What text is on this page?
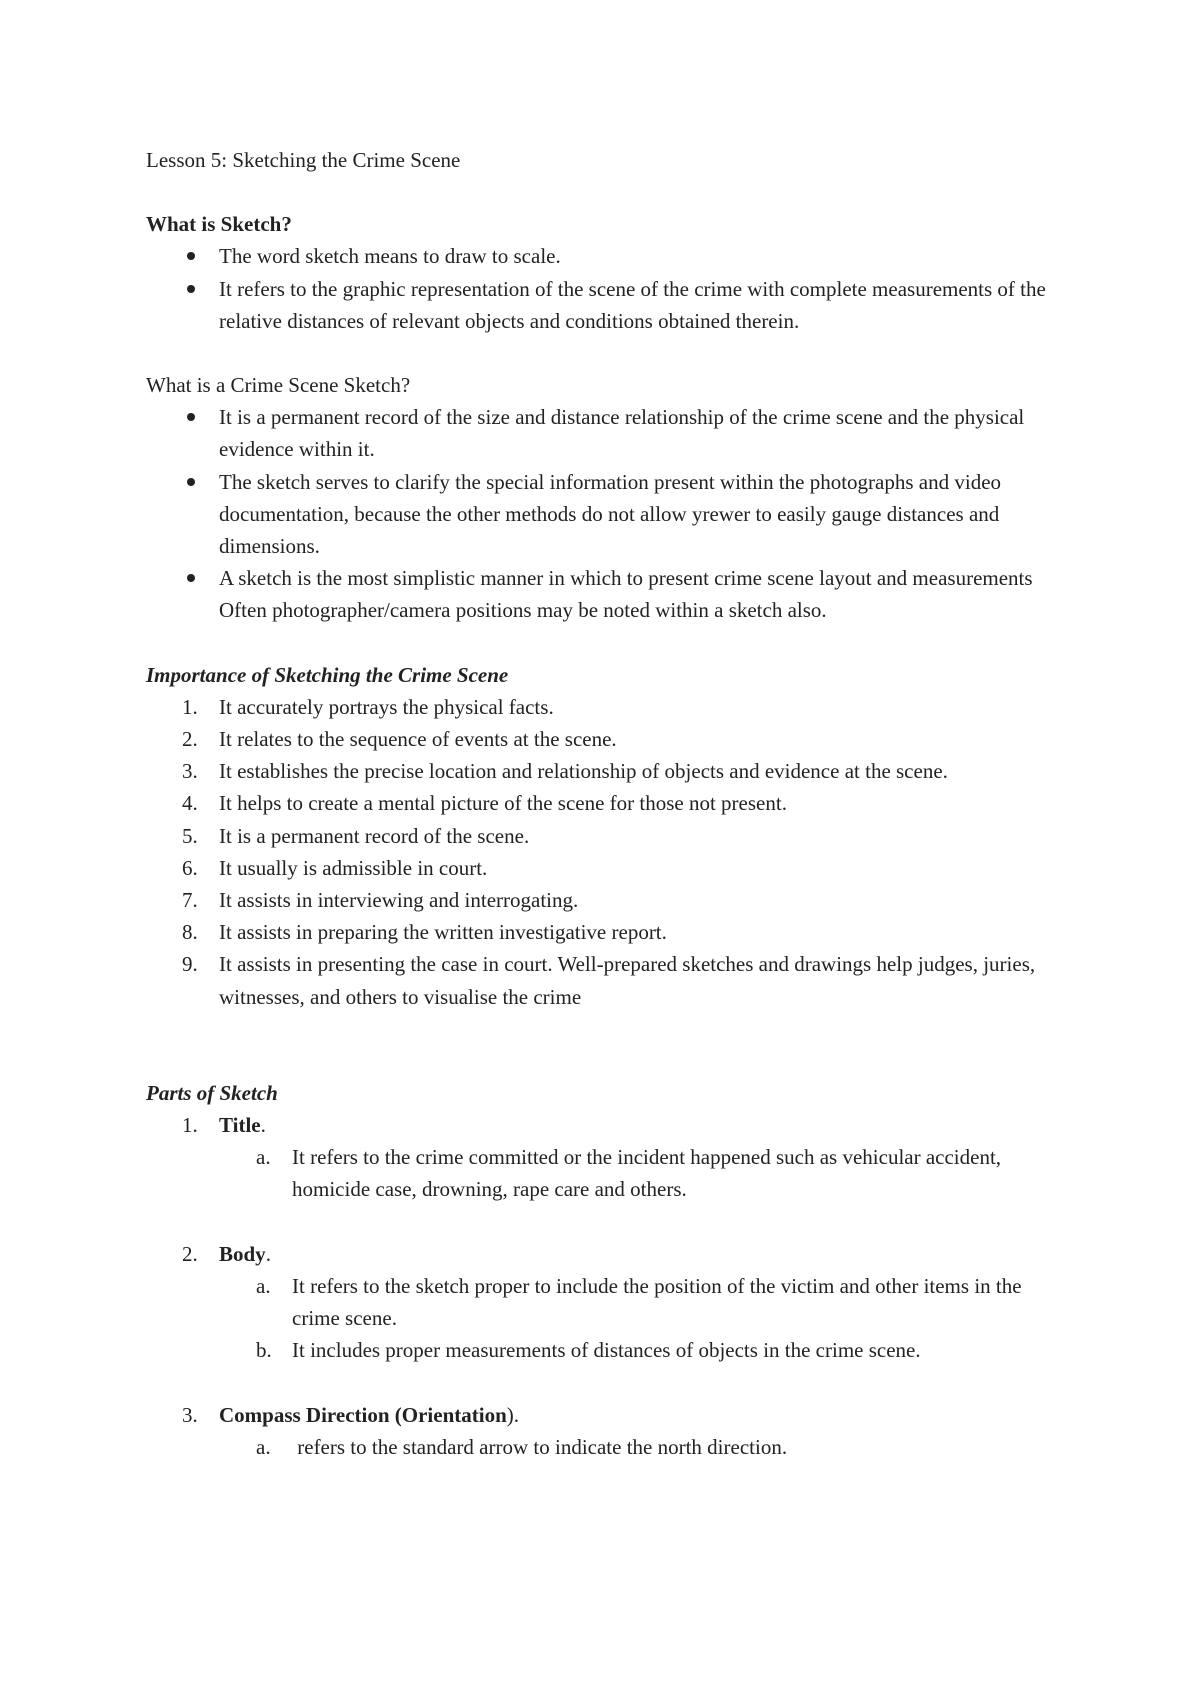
Lesson 5: Sketching the Crime Scene

What is Sketch?

The word sketch means to draw to scale.
It refers to the graphic representation of the scene of the crime with complete measurements of the relative distances of relevant objects and conditions obtained therein.

What is a Crime Scene Sketch?

It is a permanent record of the size and distance relationship of the crime scene and the physical evidence within it.
The sketch serves to clarify the special information present within the photographs and video documentation, because the other methods do not allow yrewer to easily gauge distances and dimensions.
A sketch is the most simplistic manner in which to present crime scene layout and measurements Often photographer/camera positions may be noted within a sketch also.

Importance of Sketching the Crime Scene

1.	It accurately portrays the physical facts.
2.	It relates to the sequence of events at the scene.
3.	It establishes the precise location and relationship of objects and evidence at the scene.
4.	It helps to create a mental picture of the scene for those not present.
5.	It is a permanent record of the scene.
6.	It usually is admissible in court.
7.	It assists in interviewing and interrogating.
8.	It assists in preparing the written investigative report.
9.	It assists in presenting the case in court. Well-prepared sketches and drawings help judges, juries, witnesses, and others to visualise the crime

Parts of Sketch

1.	Title.
a.	It refers to the crime committed or the incident happened such as vehicular accident, homicide case, drowning, rape care and others.
2.	Body.
a.	It refers to the sketch proper to include the position of the victim and other items in the crime scene.
b. It includes proper measurements of distances of objects in the crime scene.
3.	Compass Direction (Orientation).
a.	refers to the standard arrow to indicate the north direction.
